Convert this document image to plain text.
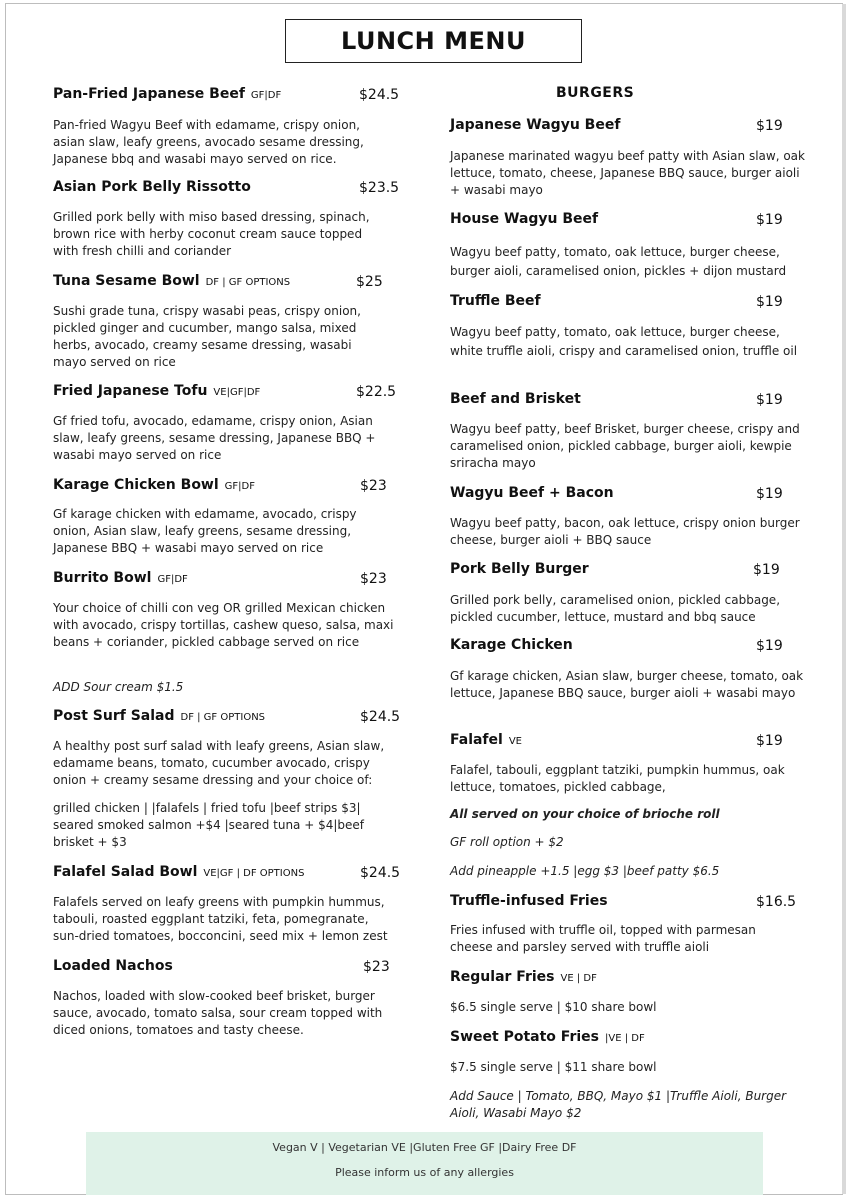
LUNCH MENU
Pan-Fried Japanese Beef GF|DF	$24.5
Pan-fried Wagyu Beef with edamame, crispy onion, asian slaw, leafy greens, avocado sesame dressing, Japanese bbq and wasabi mayo served on rice.
Asian Pork Belly Rissotto	$23.5
Grilled pork belly with miso based dressing, spinach, brown rice with herby coconut cream sauce topped with fresh chilli and coriander
Tuna Sesame Bowl DF | GF OPTIONS	$25
Sushi grade tuna, crispy wasabi peas, crispy onion, pickled ginger and cucumber, mango salsa, mixed herbs, avocado, creamy sesame dressing, wasabi mayo served on rice
Fried Japanese Tofu VE|GF|DF	$22.5
Gf fried tofu, avocado, edamame, crispy onion, Asian slaw, leafy greens, sesame dressing, Japanese BBQ + wasabi mayo served on rice
Karage Chicken Bowl GF|DF	$23
Gf karage chicken with edamame, avocado, crispy onion, Asian slaw, leafy greens, sesame dressing, Japanese BBQ + wasabi mayo served on rice
Burrito Bowl GF|DF	$23
Your choice of chilli con veg OR grilled Mexican chicken with avocado, crispy tortillas, cashew queso, salsa, maxi beans + coriander, pickled cabbage served on rice
ADD Sour cream $1.5
Post Surf Salad DF | GF OPTIONS	$24.5
A healthy post surf salad with leafy greens, Asian slaw, edamame beans, tomato, cucumber avocado, crispy onion + creamy sesame dressing and your choice of:
grilled chicken | |falafels | fried tofu |beef strips $3| seared smoked salmon +$4 |seared tuna + $4|beef brisket + $3
Falafel Salad Bowl VE|GF | DF OPTIONS	$24.5
Falafels served on leafy greens with pumpkin hummus, tabouli, roasted eggplant tatziki, feta, pomegranate, sun-dried tomatoes, bocconcini, seed mix + lemon zest
Loaded Nachos	$23
Nachos, loaded with slow-cooked beef brisket, burger sauce, avocado, tomato salsa, sour cream topped with diced onions, tomatoes and tasty cheese.
BURGERS
Japanese Wagyu Beef	$19
Japanese marinated wagyu beef patty with Asian slaw, oak lettuce, tomato, cheese, Japanese BBQ sauce, burger aioli + wasabi mayo
House Wagyu Beef	$19
Wagyu beef patty, tomato, oak lettuce, burger cheese, burger aioli, caramelised onion, pickles + dijon mustard
Truffle Beef	$19
Wagyu beef patty, tomato, oak lettuce, burger cheese, white truffle aioli, crispy and caramelised onion, truffle oil
Beef and Brisket	$19
Wagyu beef patty, beef Brisket, burger cheese, crispy and caramelised onion, pickled cabbage, burger aioli, kewpie sriracha mayo
Wagyu Beef + Bacon	$19
Wagyu beef patty, bacon, oak lettuce, crispy onion burger cheese, burger aioli + BBQ sauce
Pork Belly Burger	$19
Grilled pork belly, caramelised onion, pickled cabbage, pickled cucumber, lettuce, mustard and bbq sauce
Karage Chicken	$19
Gf karage chicken, Asian slaw, burger cheese, tomato, oak lettuce, Japanese BBQ sauce, burger aioli + wasabi mayo
Falafel VE	$19
Falafel, tabouli, eggplant tatziki, pumpkin hummus, oak lettuce, tomatoes, pickled cabbage,
All served on your choice of brioche roll
GF roll option + $2
Add pineapple +1.5 |egg $3 |beef patty $6.5
Truffle-infused Fries	$16.5
Fries infused with truffle oil, topped with parmesan cheese and parsley served with truffle aioli
Regular Fries VE | DF
$6.5 single serve | $10 share bowl
Sweet Potato Fries |VE | DF
$7.5 single serve | $11 share bowl
Add Sauce | Tomato, BBQ, Mayo $1 |Truffle Aioli, Burger Aioli, Wasabi Mayo $2
Vegan V | Vegetarian VE |Gluten Free GF |Dairy Free DF
Please inform us of any allergies
